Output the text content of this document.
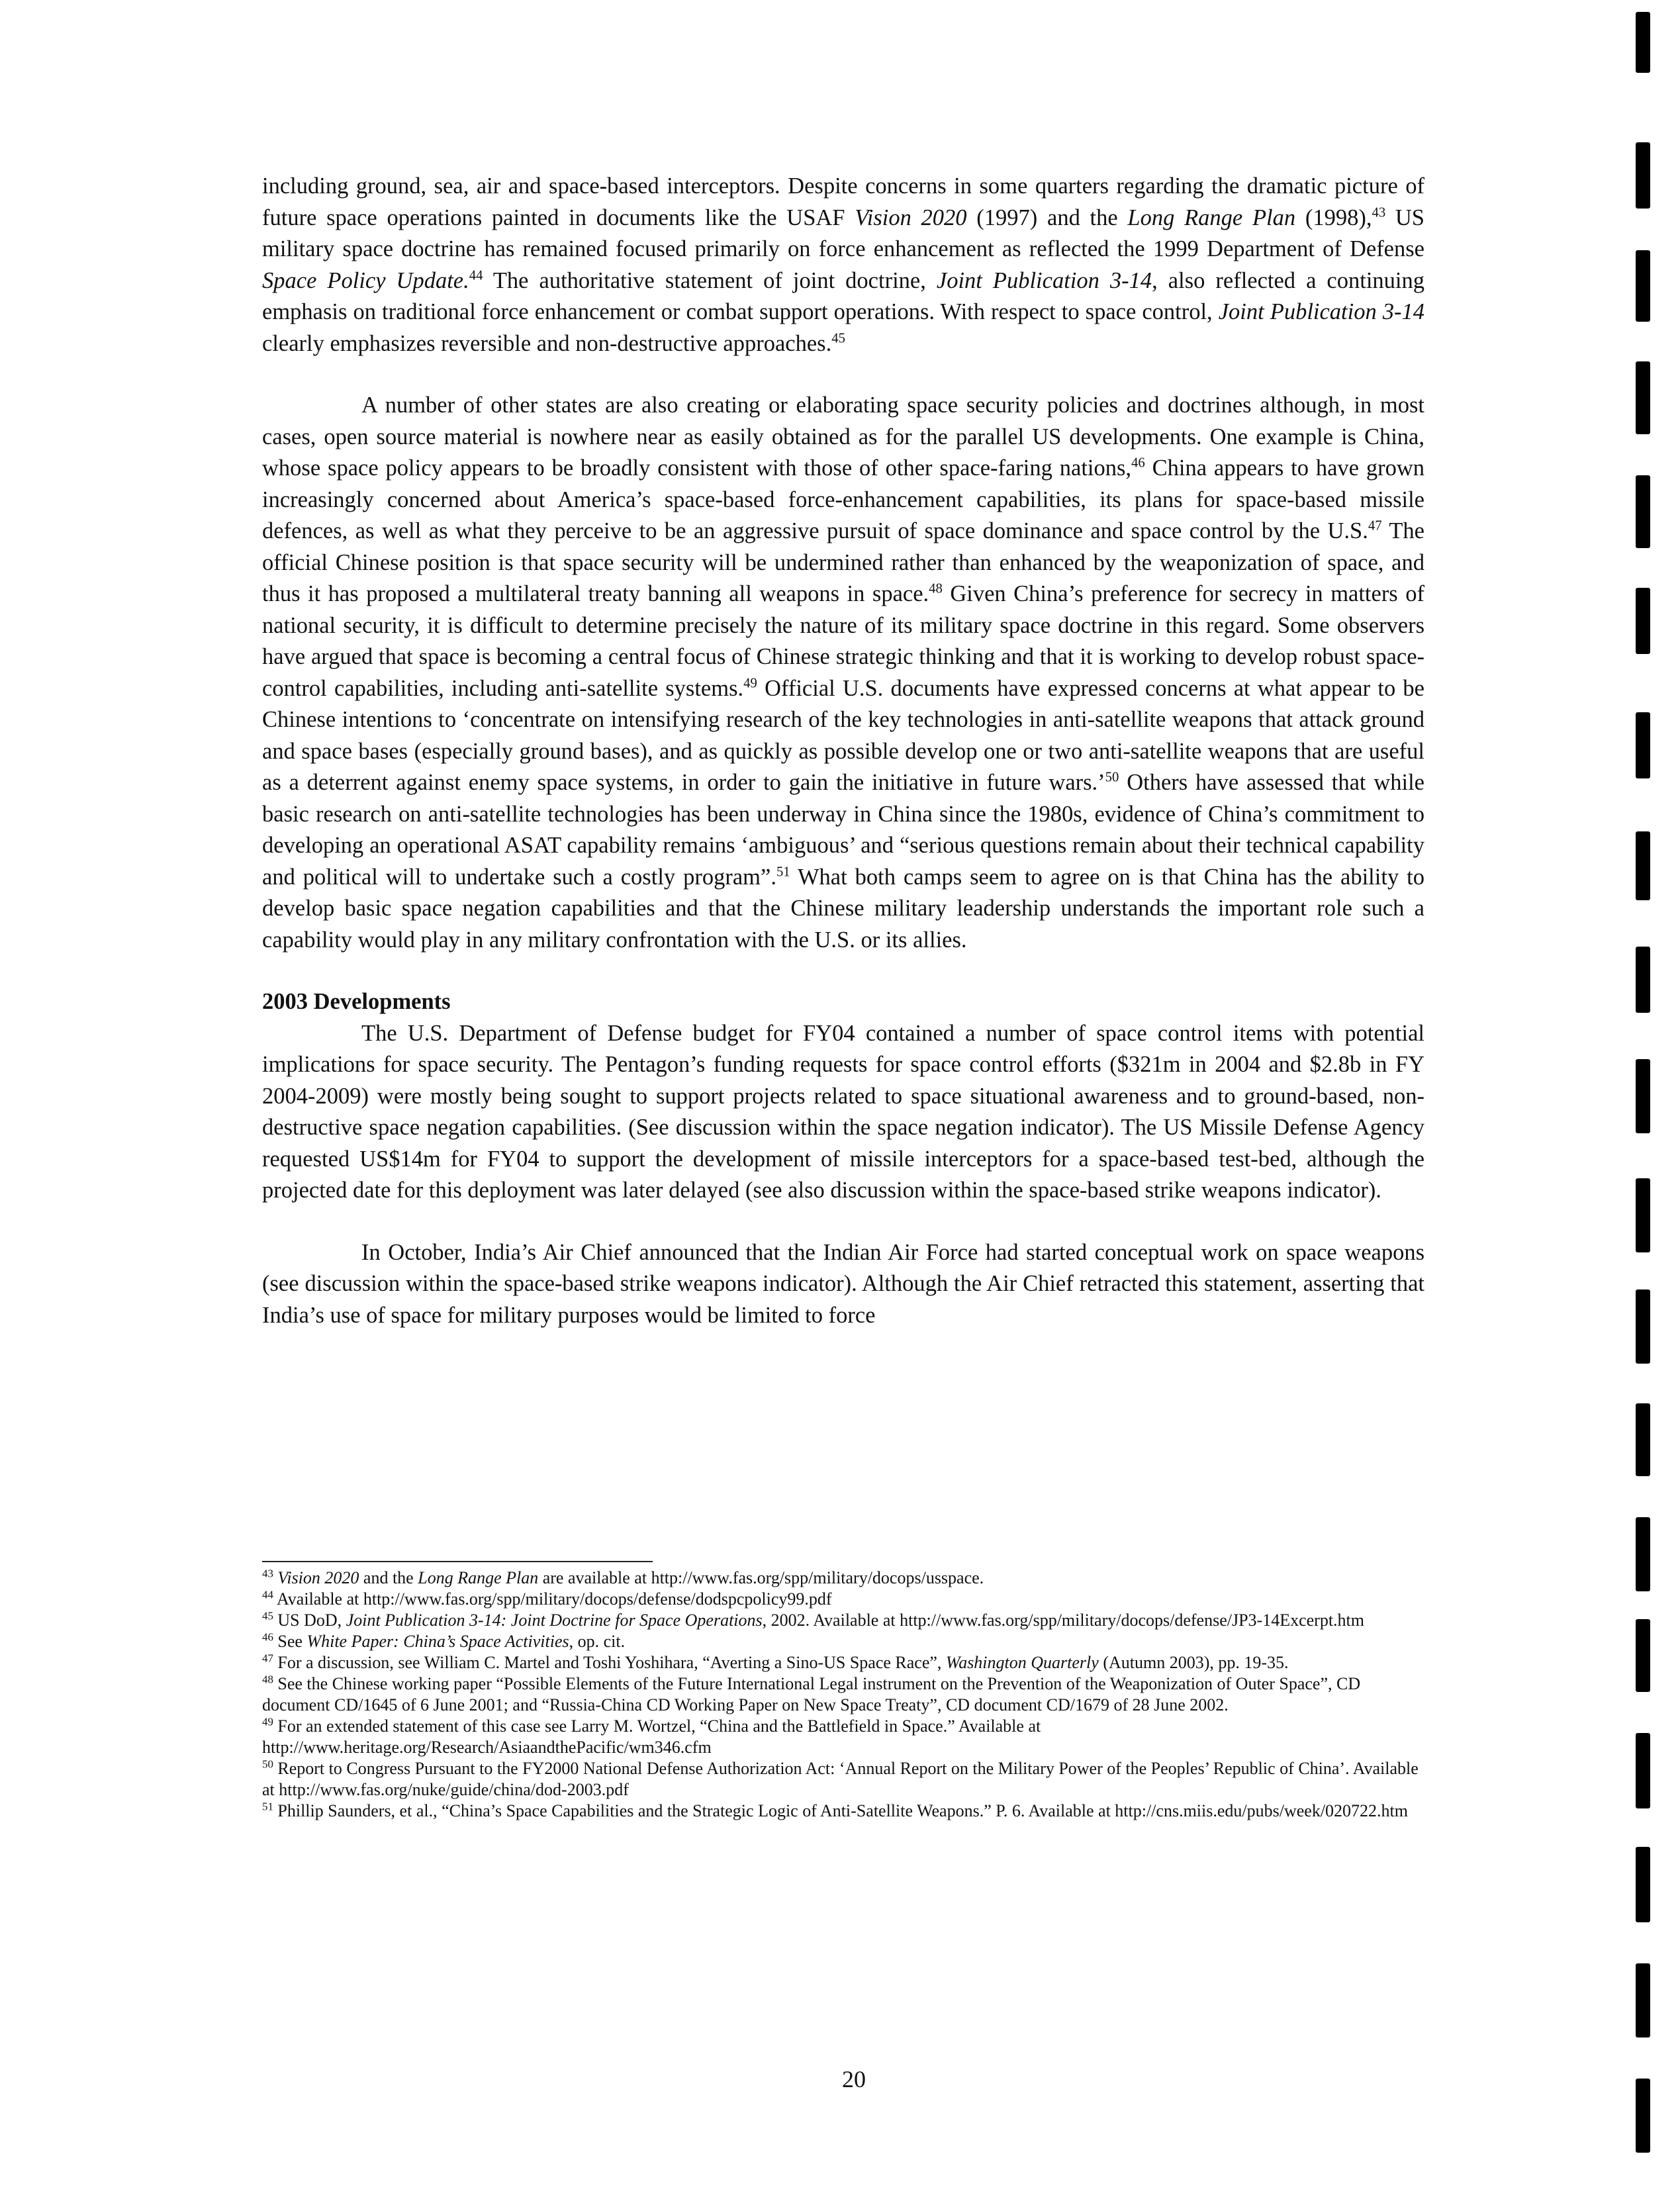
including ground, sea, air and space-based interceptors. Despite concerns in some quarters regarding the dramatic picture of future space operations painted in documents like the USAF Vision 2020 (1997) and the Long Range Plan (1998),$^{43}$ US military space doctrine has remained focused primarily on force enhancement as reflected the 1999 Department of Defense Space Policy Update.$^{44}$ The authoritative statement of joint doctrine, Joint Publication 3-14, also reflected a continuing emphasis on traditional force enhancement or combat support operations. With respect to space control, Joint Publication 3-14 clearly emphasizes reversible and non-destructive approaches.$^{45}$

A number of other states are also creating or elaborating space security policies and doctrines although, in most cases, open source material is nowhere near as easily obtained as for the parallel US developments. One example is China, whose space policy appears to be broadly consistent with those of other space-faring nations,$^{46}$ China appears to have grown increasingly concerned about America’s space-based force-enhancement capabilities, its plans for space-based missile defences, as well as what they perceive to be an aggressive pursuit of space dominance and space control by the U.S.$^{47}$ The official Chinese position is that space security will be undermined rather than enhanced by the weaponization of space, and thus it has proposed a multilateral treaty banning all weapons in space.$^{48}$ Given China’s preference for secrecy in matters of national security, it is difficult to determine precisely the nature of its military space doctrine in this regard. Some observers have argued that space is becoming a central focus of Chinese strategic thinking and that it is working to develop robust space-control capabilities, including anti-satellite systems.$^{49}$ Official U.S. documents have expressed concerns at what appear to be Chinese intentions to ‘concentrate on intensifying research of the key technologies in anti-satellite weapons that attack ground and space bases (especially ground bases), and as quickly as possible develop one or two anti-satellite weapons that are useful as a deterrent against enemy space systems, in order to gain the initiative in future wars.’$^{50}$ Others have assessed that while basic research on anti-satellite technologies has been underway in China since the 1980s, evidence of China’s commitment to developing an operational ASAT capability remains ‘ambiguous’ and “serious questions remain about their technical capability and political will to undertake such a costly program”.$^{51}$ What both camps seem to agree on is that China has the ability to develop basic space negation capabilities and that the Chinese military leadership understands the important role such a capability would play in any military confrontation with the U.S. or its allies.

2003 Developments

The U.S. Department of Defense budget for FY04 contained a number of space control items with potential implications for space security. The Pentagon’s funding requests for space control efforts ($321m in 2004 and $2.8b in FY 2004-2009) were mostly being sought to support projects related to space situational awareness and to ground-based, non-destructive space negation capabilities. (See discussion within the space negation indicator). The US Missile Defense Agency requested US$14m for FY04 to support the development of missile interceptors for a space-based test-bed, although the projected date for this deployment was later delayed (see also discussion within the space-based strike weapons indicator).

In October, India’s Air Chief announced that the Indian Air Force had started conceptual work on space weapons (see discussion within the space-based strike weapons indicator). Although the Air Chief retracted this statement, asserting that India’s use of space for military purposes would be limited to force

$^{43}$ Vision 2020 and the Long Range Plan are available at http://www.fas.org/spp/military/docops/usspace.

$^{44}$ Available at http://www.fas.org/spp/military/docops/defense/dodspcpolicy99.pdf

$^{45}$ US DoD, Joint Publication 3-14: Joint Doctrine for Space Operations, 2002. Available at http://www.fas.org/spp/military/docops/defense/JP3-14Excerpt.htm

$^{46}$ See White Paper: China’s Space Activities, op. cit.

$^{47}$ For a discussion, see William C. Martel and Toshi Yoshihara, “Averting a Sino-US Space Race”, Washington Quarterly (Autumn 2003), pp. 19-35.

$^{48}$ See the Chinese working paper “Possible Elements of the Future International Legal instrument on the Prevention of the Weaponization of Outer Space”, CD document CD/1645 of 6 June 2001; and “Russia-China CD Working Paper on New Space Treaty”, CD document CD/1679 of 28 June 2002.

$^{49}$ For an extended statement of this case see Larry M. Wortzel, “China and the Battlefield in Space.” Available at http://www.heritage.org/Research/AsiaandthePacific/wm346.cfm

$^{50}$ Report to Congress Pursuant to the FY2000 National Defense Authorization Act: ‘Annual Report on the Military Power of the Peoples’ Republic of China’. Available at http://www.fas.org/nuke/guide/china/dod-2003.pdf

$^{51}$ Phillip Saunders, et al., “China’s Space Capabilities and the Strategic Logic of Anti-Satellite Weapons.” P. 6. Available at http://cns.miis.edu/pubs/week/020722.htm

20
